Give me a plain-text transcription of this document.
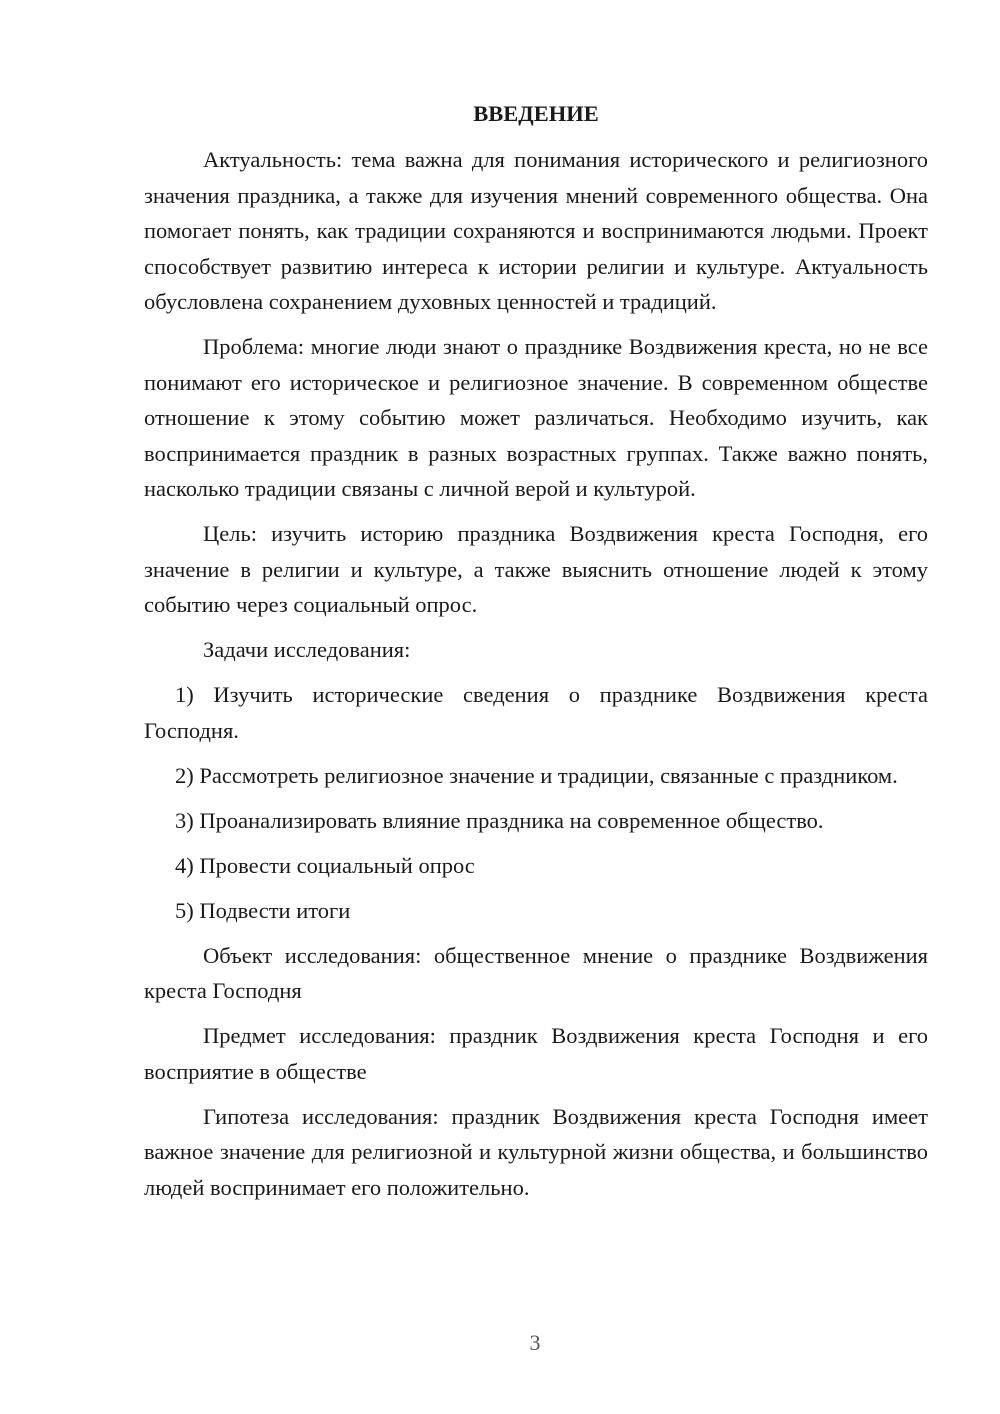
ВВЕДЕНИЕ

Актуальность: тема важна для понимания исторического и религиозного значения праздника, а также для изучения мнений современного общества. Она помогает понять, как традиции сохраняются и воспринимаются людьми. Проект способствует развитию интереса к истории религии и культуре. Актуальность обусловлена сохранением духовных ценностей и традиций.

Проблема: многие люди знают о празднике Воздвижения креста, но не все понимают его историческое и религиозное значение. В современном обществе отношение к этому событию может различаться. Необходимо изучить, как воспринимается праздник в разных возрастных группах. Также важно понять, насколько традиции связаны с личной верой и культурой.

Цель: изучить историю праздника Воздвижения креста Господня, его значение в религии и культуре, а также выяснить отношение людей к этому событию через социальный опрос.

Задачи исследования:

1) Изучить исторические сведения о празднике Воздвижения креста Господня.

2) Рассмотреть религиозное значение и традиции, связанные с праздником.

3) Проанализировать влияние праздника на современное общество.

4) Провести социальный опрос

5) Подвести итоги

Объект исследования: общественное мнение о празднике Воздвижения креста Господня

Предмет исследования: праздник Воздвижения креста Господня и его восприятие в обществе

Гипотеза исследования: праздник Воздвижения креста Господня имеет важное значение для религиозной и культурной жизни общества, и большинство людей воспринимает его положительно.

3
